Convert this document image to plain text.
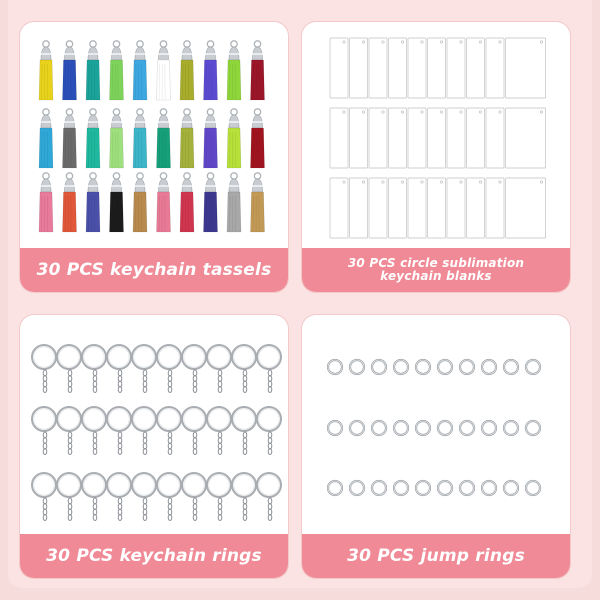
30 PCS keychain tassels	30 PCS circle sublimation
keychain blanks
30 PCS keychain rings	30 PCS jump rings
